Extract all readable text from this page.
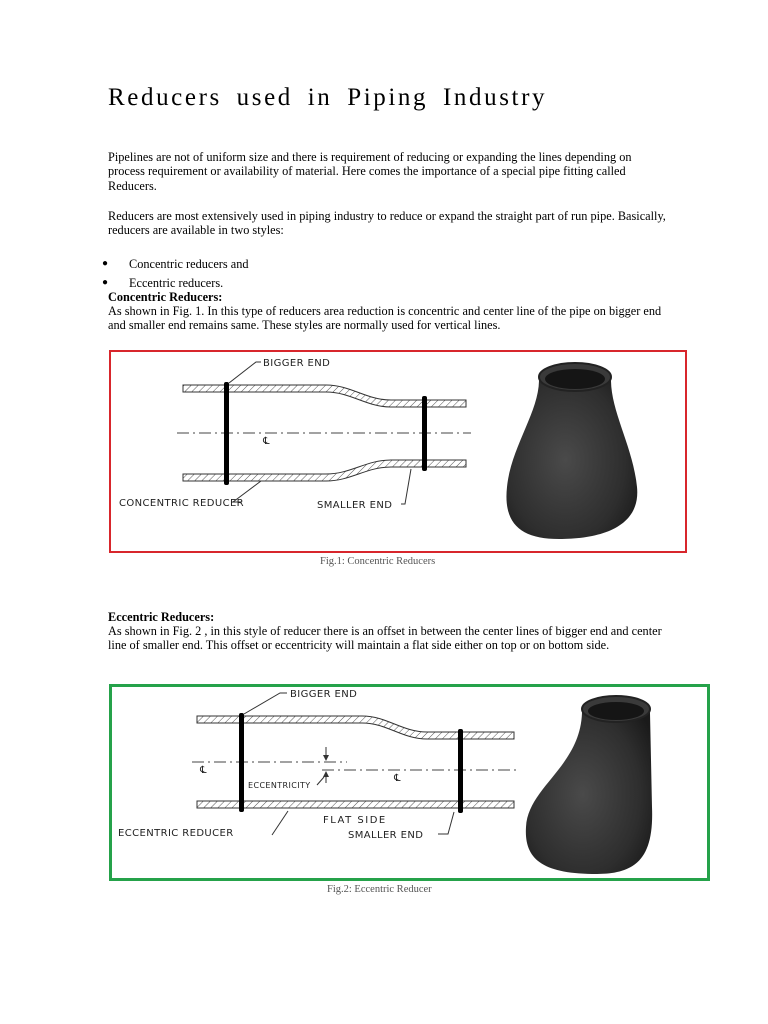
Reducers used in Piping Industry

Pipelines are not of uniform size and there is requirement of reducing or expanding the lines depending on process requirement or availability of material. Here comes the importance of a special pipe fitting called Reducers.

Reducers are most extensively used in piping industry to reduce or expand the straight part of run pipe. Basically, reducers are available in two styles:

● Concentric reducers and
● Eccentric reducers.
Concentric Reducers:

As shown in Fig. 1. In this type of reducers area reduction is concentric and center line of the pipe on bigger end and smaller end remains same. These styles are normally used for vertical lines.

℄
BIGGER END
CONCENTRIC REDUCER	SMALLER END

Fig.1: Concentric Reducers

Eccentric Reducers:

As shown in Fig. 2 , in this style of reducer there is an offset in between the center lines of bigger end and center line of smaller end. This offset or eccentricity will maintain a flat side either on top or on bottom side.

℄
℄
ECCENTRICITY
BIGGER END
FLAT SIDE
ECCENTRIC REDUCER	SMALLER END

Fig.2: Eccentric Reducer
